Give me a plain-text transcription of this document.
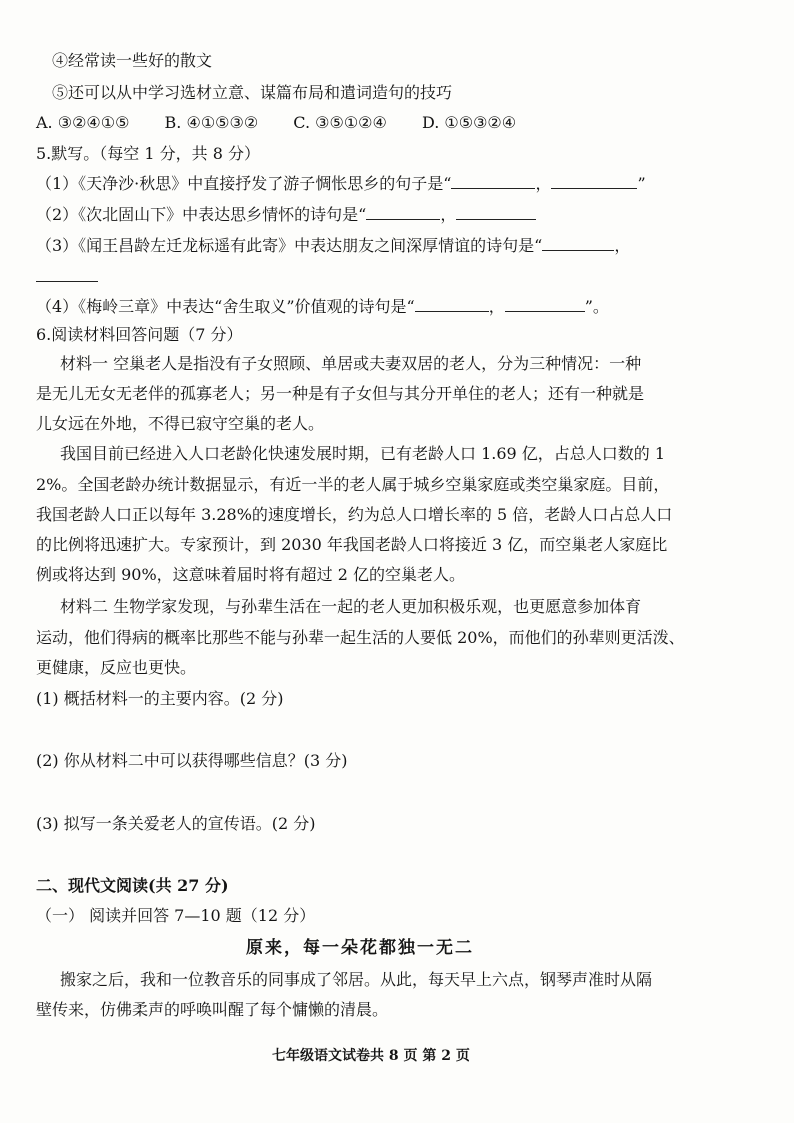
④经常读一些好的散文
⑤还可以从中学习选材立意、谋篇布局和遣词造句的技巧
A. ③②④①⑤ B. ④①⑤③② C. ③⑤①②④ D. ①⑤③②④
5.默写。（每空 1 分，共 8 分）
（1）《天净沙·秋思》中直接抒发了游子惆怅思乡的句子是“	，	”
（2）《次北固山下》中表达思乡情怀的诗句是“	，
（3）《闻王昌龄左迁龙标遥有此寄》中表达朋友之间深厚情谊的诗句是“	，
（4）《梅岭三章》中表达“舍生取义”价值观的诗句是“	，	”。
6.阅读材料回答问题（7 分）
材料一 空巢老人是指没有子女照顾、单居或夫妻双居的老人，分为三种情况：一种
是无儿无女无老伴的孤寡老人；另一种是有子女但与其分开单住的老人；还有一种就是
儿女远在外地，不得已寂守空巢的老人。
我国目前已经进入人口老龄化快速发展时期，已有老龄人口 1.69 亿，占总人口数的 1
2%。全国老龄办统计数据显示，有近一半的老人属于城乡空巢家庭或类空巢家庭。目前，
我国老龄人口正以每年 3.28%的速度增长，约为总人口增长率的 5 倍，老龄人口占总人口
的比例将迅速扩大。专家预计，到 2030 年我国老龄人口将接近 3 亿，而空巢老人家庭比
例或将达到 90%，这意味着届时将有超过 2 亿的空巢老人。
材料二 生物学家发现，与孙辈生活在一起的老人更加积极乐观，也更愿意参加体育
运动，他们得病的概率比那些不能与孙辈一起生活的人要低 20%，而他们的孙辈则更活泼、
更健康，反应也更快。
(1) 概括材料一的主要内容。(2 分)
(2) 你从材料二中可以获得哪些信息？(3 分)
(3) 拟写一条关爱老人的宣传语。(2 分)
二、现代文阅读(共 27 分)
（一） 阅读并回答 7—10 题（12 分）
原来，每一朵花都独一无二
搬家之后，我和一位教音乐的同事成了邻居。从此，每天早上六点，钢琴声准时从隔
壁传来，仿佛柔声的呼唤叫醒了每个慵懒的清晨。
七年级语文试卷共 8 页 第 2 页
